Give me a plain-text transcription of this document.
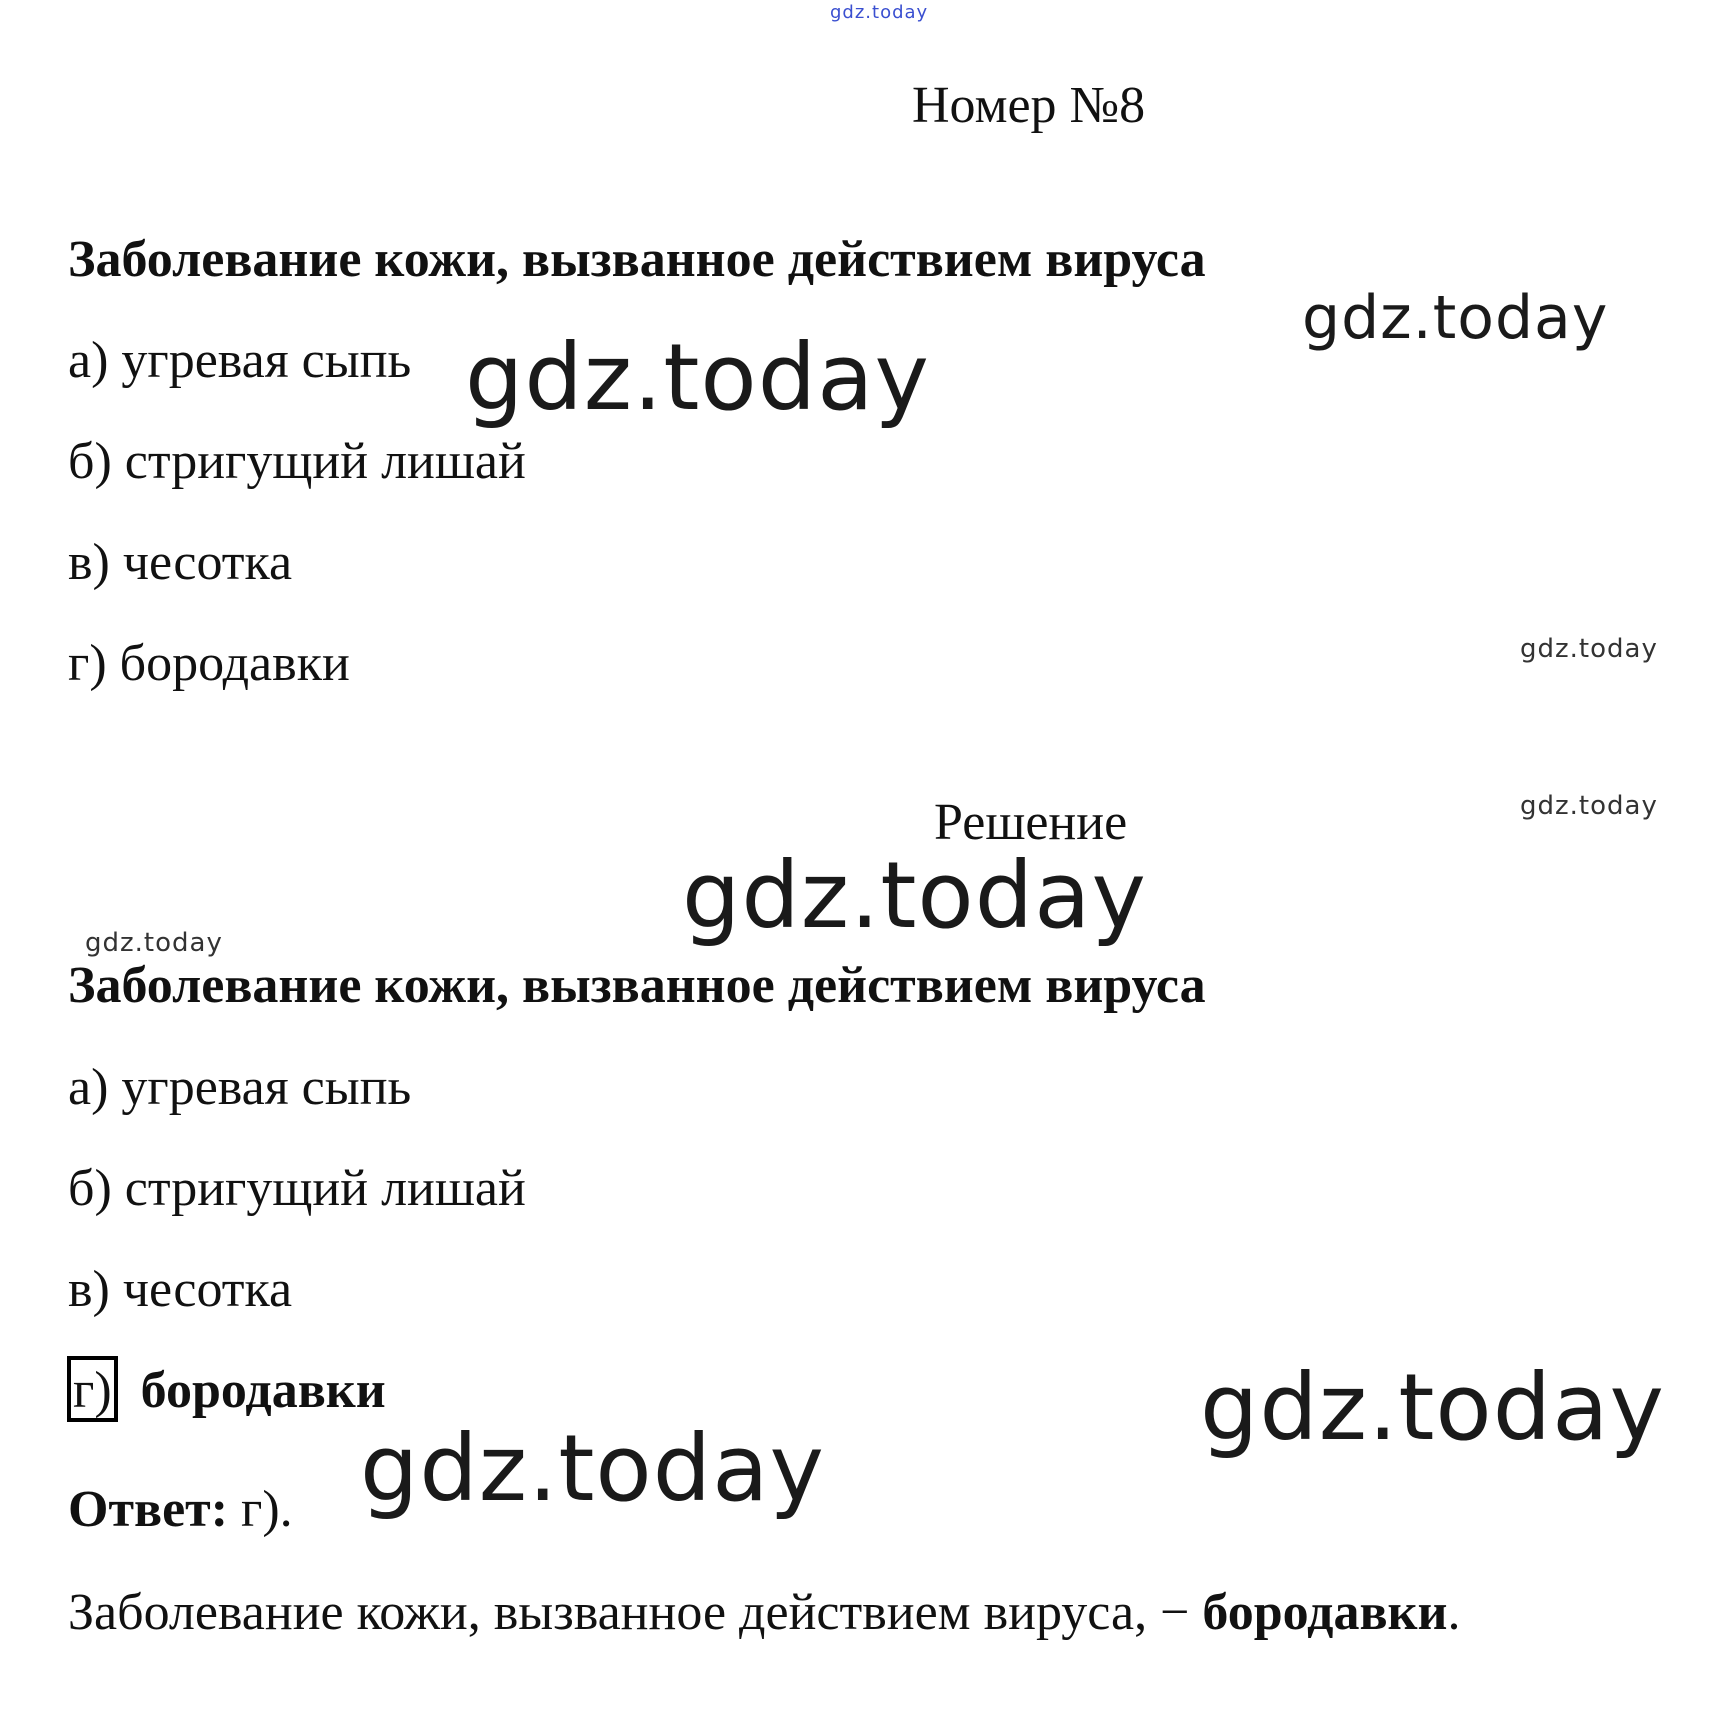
gdz.today
gdz.today
gdz.today
gdz.today
gdz.today
gdz.today
gdz.today
gdz.today
gdz.today
Номер №8
Заболевание кожи, вызванное действием вируса
а) угревая сыпь
б) стригущий лишай
в) чесотка
г) бородавки
Решение
Заболевание кожи, вызванное действием вируса
а) угревая сыпь
б) стригущий лишай
в) чесотка
г) бородавки
Ответ: г).
Заболевание кожи, вызванное действием вируса, − бородавки.
